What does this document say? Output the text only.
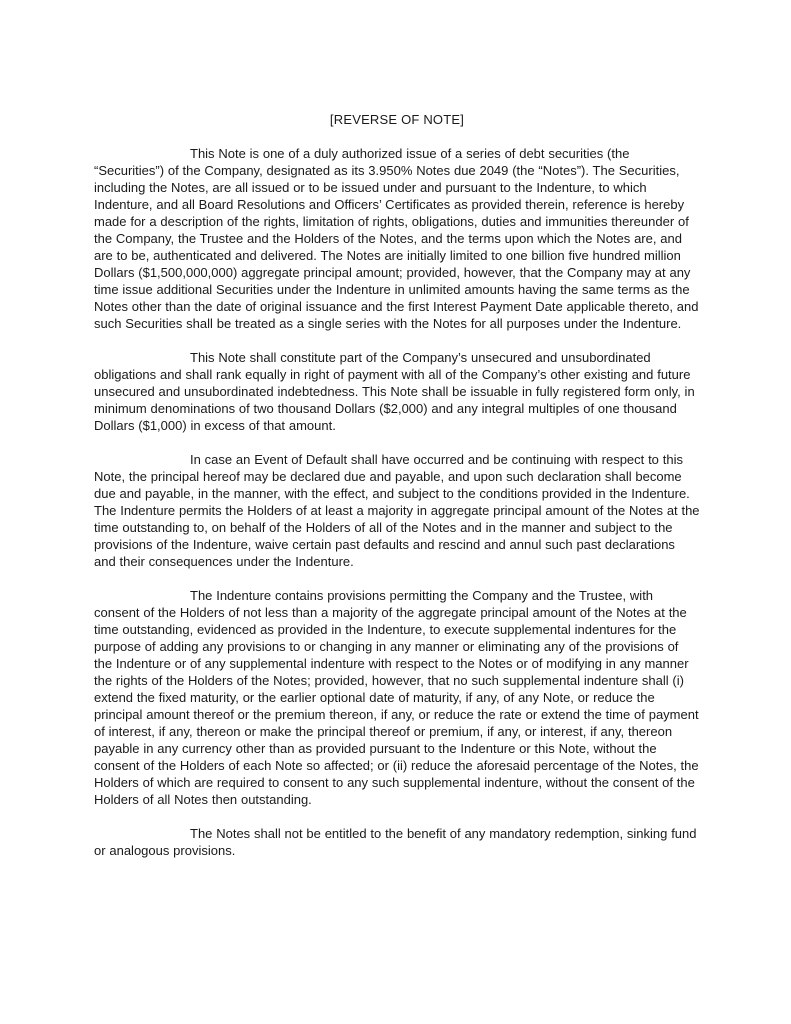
[REVERSE OF NOTE]

This Note is one of a duly authorized issue of a series of debt securities (the “Securities”) of the Company, designated as its 3.950% Notes due 2049 (the “Notes”). The Securities, including the Notes, are all issued or to be issued under and pursuant to the Indenture, to which Indenture, and all Board Resolutions and Officers’ Certificates as provided therein, reference is hereby made for a description of the rights, limitation of rights, obligations, duties and immunities thereunder of the Company, the Trustee and the Holders of the Notes, and the terms upon which the Notes are, and are to be, authenticated and delivered. The Notes are initially limited to one billion five hundred million Dollars ($1,500,000,000) aggregate principal amount; provided, however, that the Company may at any time issue additional Securities under the Indenture in unlimited amounts having the same terms as the Notes other than the date of original issuance and the first Interest Payment Date applicable thereto, and such Securities shall be treated as a single series with the Notes for all purposes under the Indenture.

This Note shall constitute part of the Company’s unsecured and unsubordinated obligations and shall rank equally in right of payment with all of the Company’s other existing and future unsecured and unsubordinated indebtedness. This Note shall be issuable in fully registered form only, in minimum denominations of two thousand Dollars ($2,000) and any integral multiples of one thousand Dollars ($1,000) in excess of that amount.

In case an Event of Default shall have occurred and be continuing with respect to this Note, the principal hereof may be declared due and payable, and upon such declaration shall become due and payable, in the manner, with the effect, and subject to the conditions provided in the Indenture. The Indenture permits the Holders of at least a majority in aggregate principal amount of the Notes at the time outstanding to, on behalf of the Holders of all of the Notes and in the manner and subject to the provisions of the Indenture, waive certain past defaults and rescind and annul such past declarations and their consequences under the Indenture.

The Indenture contains provisions permitting the Company and the Trustee, with consent of the Holders of not less than a majority of the aggregate principal amount of the Notes at the time outstanding, evidenced as provided in the Indenture, to execute supplemental indentures for the purpose of adding any provisions to or changing in any manner or eliminating any of the provisions of the Indenture or of any supplemental indenture with respect to the Notes or of modifying in any manner the rights of the Holders of the Notes; provided, however, that no such supplemental indenture shall (i) extend the fixed maturity, or the earlier optional date of maturity, if any, of any Note, or reduce the principal amount thereof or the premium thereon, if any, or reduce the rate or extend the time of payment of interest, if any, thereon or make the principal thereof or premium, if any, or interest, if any, thereon payable in any currency other than as provided pursuant to the Indenture or this Note, without the consent of the Holders of each Note so affected; or (ii) reduce the aforesaid percentage of the Notes, the Holders of which are required to consent to any such supplemental indenture, without the consent of the Holders of all Notes then outstanding.

The Notes shall not be entitled to the benefit of any mandatory redemption, sinking fund or analogous provisions.
